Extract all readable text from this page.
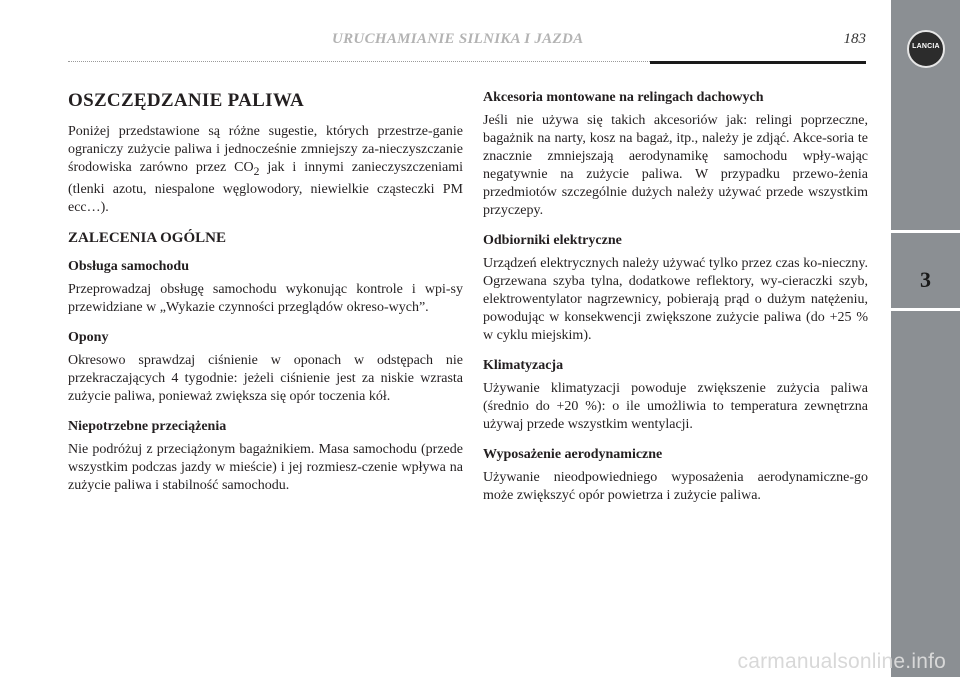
URUCHAMIANIE SILNIKA I JAZDA	183	LANCIA
3
OSZCZĘDZANIE PALIWA

Poniżej przedstawione są różne sugestie, których przestrze-ganie ograniczy zużycie paliwa i jednocześnie zmniejszy za-nieczyszczanie środowiska zarówno przez $CO_2$ jak i innymi zanieczyszczeniami (tlenki azotu, niespalone węglowodory, niewielkie cząsteczki PM ecc…).

ZALECENIA OGÓLNE
Obsługa samochodu

Przeprowadzaj obsługę samochodu wykonując kontrole i wpi-sy przewidziane w „Wykazie czynności przeglądów okreso-wych”.

Opony

Okresowo sprawdzaj ciśnienie w oponach w odstępach nie przekraczających 4 tygodnie: jeżeli ciśnienie jest za niskie wzrasta zużycie paliwa, ponieważ zwiększa się opór toczenia kół.

Niepotrzebne przeciążenia

Nie podróżuj z przeciążonym bagażnikiem. Masa samochodu (przede wszystkim podczas jazdy w mieście) i jej rozmiesz-czenie wpływa na zużycie paliwa i stabilność samochodu.

Akcesoria montowane na relingach dachowych

Jeśli nie używa się takich akcesoriów jak: relingi poprzeczne, bagażnik na narty, kosz na bagaż, itp., należy je zdjąć. Akce-soria te znacznie zmniejszają aerodynamikę samochodu wpły-wając negatywnie na zużycie paliwa. W przypadku przewo-żenia przedmiotów szczególnie dużych należy używać przede wszystkim przyczepy.

Odbiorniki elektryczne

Urządzeń elektrycznych należy używać tylko przez czas ko-nieczny. Ogrzewana szyba tylna, dodatkowe reflektory, wy-cieraczki szyb, elektrowentylator nagrzewnicy, pobierają prąd o dużym natężeniu, powodując w konsekwencji zwiększone zużycie paliwa (do +25 % w cyklu miejskim).

Klimatyzacja

Używanie klimatyzacji powoduje zwiększenie zużycia paliwa (średnio do +20 %): o ile umożliwia to temperatura zewnętrzna używaj przede wszystkim wentylacji.

Wyposażenie aerodynamiczne

Używanie nieodpowiedniego wyposażenia aerodynamiczne-go może zwiększyć opór powietrza i zużycie paliwa.

carmanualsonline.info
